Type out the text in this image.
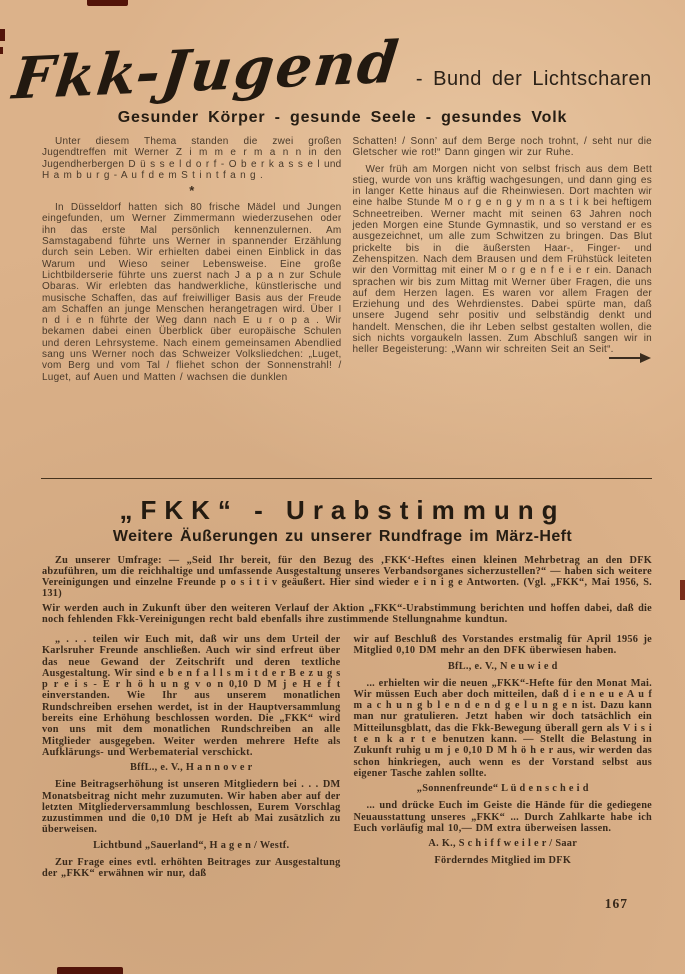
Fkk-Jugend - Bund der Lichtscharen
Gesunder Körper - gesunde Seele - gesundes Volk

Unter diesem Thema standen die zwei großen Jugendtreffen mit Werner Z i m m e r m a n n in den Jugendherbergen D ü s s e l d o r f - O b e r k a s s e l und H a m b u r g - A u f d e m S t i n t f a n g .

*

In Düsseldorf hatten sich 80 frische Mädel und Jungen eingefunden, um Werner Zimmermann wiederzusehen oder ihn das erste Mal persönlich kennenzulernen. Am Samstagabend führte uns Werner in spannender Erzählung durch sein Leben. Wir erhielten dabei einen Einblick in das Warum und Wieso seiner Lebensweise. Eine große Lichtbilderserie führte uns zuerst nach J a p a n zur Schule Obaras. Wir erlebten das handwerkliche, künstlerische und musische Schaffen, das auf freiwilliger Basis aus der Freude am Schaffen an junge Menschen herangetragen wird. Über I n d i e n führte der Weg dann nach E u r o p a . Wir bekamen dabei einen Überblick über europäische Schulen und deren Lehrsysteme. Nach einem gemeinsamen Abendlied sang uns Werner noch das Schweizer Volksliedchen: „Luget, vom Berg und vom Tal / fliehet schon der Sonnenstrahl! / Luget, auf Auen und Matten / wachsen die dunklen

Schatten! / Sonn’ auf dem Berge noch trohnt, / seht nur die Gletscher wie rot!“ Dann gingen wir zur Ruhe.

Wer früh am Morgen nicht von selbst frisch aus dem Bett stieg, wurde von uns kräftig wachgesungen, und dann ging es in langer Kette hinaus auf die Rheinwiesen. Dort machten wir eine halbe Stunde M o r g e n g y m n a s t i k bei heftigem Schneetreiben. Werner macht mit seinen 63 Jahren noch jeden Morgen eine Stunde Gymnastik, und so verstand er es ausgezeichnet, um alle zum Schwitzen zu bringen. Das Blut prickelte bis in die äußersten Haar-, Finger- und Zehenspitzen. Nach dem Brausen und dem Frühstück leiteten wir den Vormittag mit einer M o r g e n f e i e r ein. Danach sprachen wir bis zum Mittag mit Werner über Fragen, die uns auf dem Herzen lagen. Es waren vor allem Fragen der Erziehung und des Wehrdienstes. Dabei spürte man, daß unsere Jugend sehr positiv und selbständig denkt und handelt. Menschen, die ihr Leben selbst gestalten wollen, die sich nichts vorgaukeln lassen. Zum Abschluß sangen wir in heller Begeisterung: „Wann wir schreiten Seit an Seit“.

„FKK“ - Urabstimmung
Weitere Äußerungen zu unserer Rundfrage im März-Heft

Zu unserer Umfrage: — „Seid Ihr bereit, für den Bezug des ‚FKK‘-Heftes einen kleinen Mehrbetrag an den DFK abzuführen, um die reichhaltige und umfassende Ausgestaltung unseres Verbandsorganes sicherzustellen?“ — haben sich weitere Vereinigungen und einzelne Freunde p o s i t i v geäußert. Hier sind wieder e i n i g e Antworten. (Vgl. „FKK“, Mai 1956, S. 131)

Wir werden auch in Zukunft über den weiteren Verlauf der Aktion „FKK“-Urabstimmung berichten und hoffen dabei, daß die noch fehlenden Fkk-Vereinigungen recht bald ebenfalls ihre zustimmende Stellungnahme kundtun.

„ . . . teilen wir Euch mit, daß wir uns dem Urteil der Karlsruher Freunde anschließen. Auch wir sind erfreut über das neue Gewand der Zeitschrift und deren textliche Ausgestaltung. Wir sind e b e n f a l l s m i t d e r B e z u g s p r e i s - E r h ö h u n g v o n 0,10 D M j e H e f t einverstanden. Wie Ihr aus unserem monatlichen Rundschreiben ersehen werdet, ist in der Hauptversammlung bereits eine Erhöhung beschlossen worden. Die „FKK“ wird von uns mit dem monatlichen Rundschreiben an alle Mitglieder ausgegeben. Weiter werden mehrere Hefte als Aufklärungs- und Werbematerial verschickt.

BffL., e. V., H a n n o v e r

Eine Beitragserhöhung ist unseren Mitgliedern bei . . . DM Monatsbeitrag nicht mehr zuzumuten. Wir haben aber auf der letzten Mitgliederversammlung beschlossen, Eurem Vorschlag zuzustimmen und die 0,10 DM je Heft ab Mai zusätzlich zu überweisen.

Lichtbund „Sauerland“, H a g e n / Westf.

Zur Frage eines evtl. erhöhten Beitrages zur Ausgestaltung der „FKK“ erwähnen wir nur, daß

wir auf Beschluß des Vorstandes erstmalig für April 1956 je Mitglied 0,10 DM mehr an den DFK überwiesen haben.

BfL., e. V., N e u w i e d

... erhielten wir die neuen „FKK“-Hefte für den Monat Mai. Wir müssen Euch aber doch mitteilen, daß d i e n e u e A u f m a c h u n g b l e n d e n d g e l u n g e n ist. Dazu kann man nur gratulieren. Jetzt haben wir doch tatsächlich ein Mitteilunsgblatt, das die Fkk-Bewegung überall gern als V i s i t e n k a r t e benutzen kann. — Stellt die Belastung in Zukunft ruhig u m j e 0,10 D M h ö h e r aus, wir werden das schon hinkriegen, auch wenn es der Vorstand selbst aus eigener Tasche zahlen sollte.

„Sonnenfreunde“ L ü d e n s c h e i d

... und drücke Euch im Geiste die Hände für die gediegene Neuausstattung unseres „FKK“ ... Durch Zahlkarte habe ich Euch vorläufig mal 10,— DM extra überweisen lassen.

A. K., S c h i f f w e i l e r / Saar
Förderndes Mitglied im DFK
167
